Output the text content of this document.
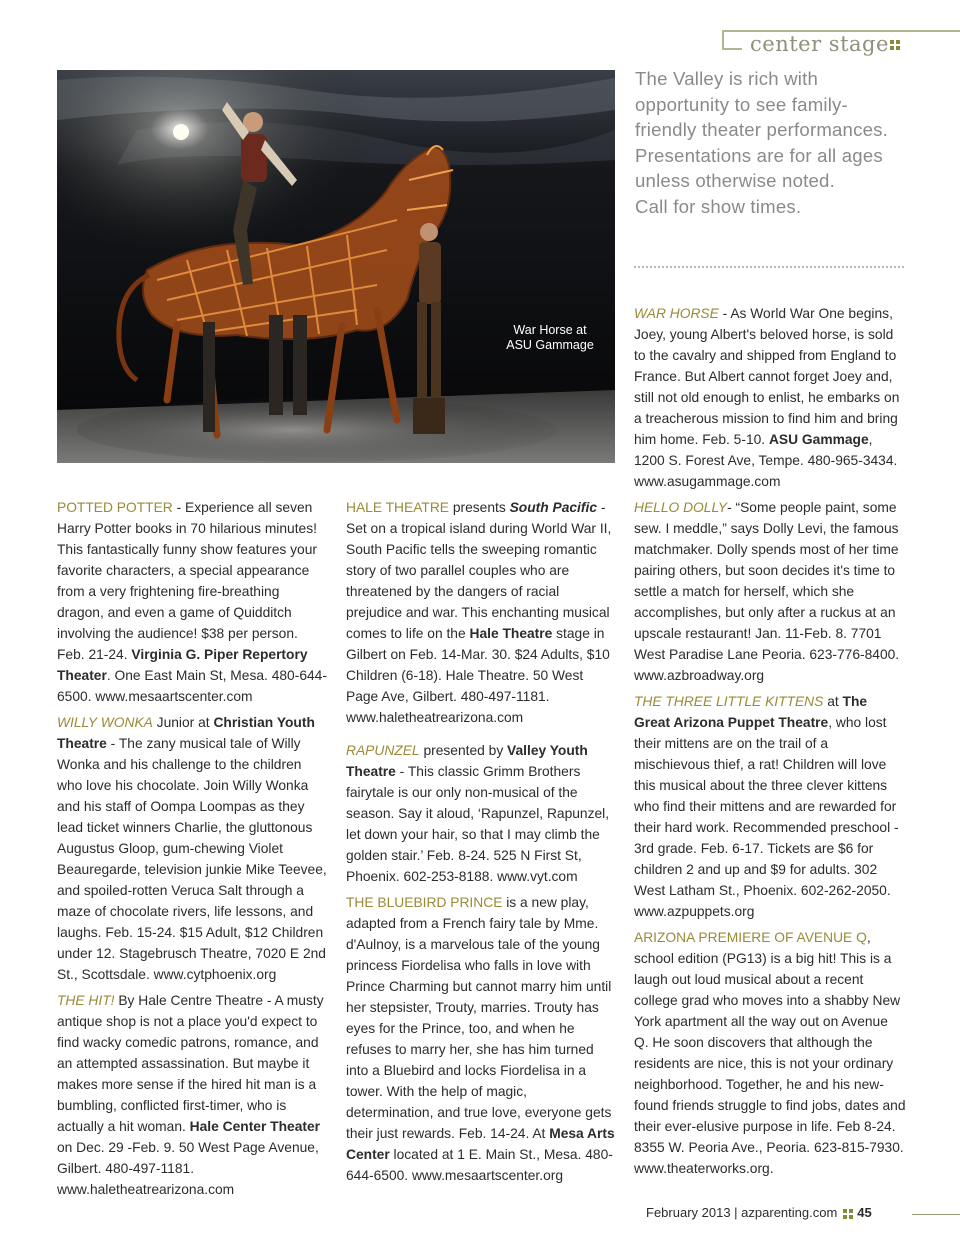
center stage
War Horse at
ASU Gammage
The Valley is rich with
opportunity to see family-
friendly theater performances.
Presentations are for all ages
unless otherwise noted.
Call for show times.

POTTED POTTER - Experience all seven Harry Potter books in 70 hilarious minutes! This fantastically funny show features your favorite characters, a special appearance from a very frightening fire-breathing dragon, and even a game of Quidditch involving the audience! $38 per person. Feb. 21-24. Virginia G. Piper Repertory Theater. One East Main St, Mesa. 480-644-6500. www.mesaartscenter.com

WILLY WONKA Junior at Christian Youth Theatre - The zany musical tale of Willy Wonka and his challenge to the children who love his chocolate. Join Willy Wonka and his staff of Oompa Loompas as they lead ticket winners Charlie, the gluttonous Augustus Gloop, gum-chewing Violet Beauregarde, television junkie Mike Teevee, and spoiled-rotten Veruca Salt through a maze of chocolate rivers, life lessons, and laughs. Feb. 15-24. $15 Adult, $12 Children under 12. Stagebrusch Theatre, 7020 E 2nd St., Scottsdale. www.cytphoenix.org

THE HIT! By Hale Centre Theatre - A musty antique shop is not a place you'd expect to find wacky comedic patrons, romance, and an attempted assassination. But maybe it makes more sense if the hired hit man is a bumbling, conflicted first-timer, who is actually a hit woman. Hale Center Theater on Dec. 29 -Feb. 9. 50 West Page Avenue, Gilbert. 480-497-1181. www.haletheatrearizona.com

HALE THEATRE presents South Pacific - Set on a tropical island during World War II, South Pacific tells the sweeping romantic story of two parallel couples who are threatened by the dangers of racial prejudice and war. This enchanting musical comes to life on the Hale Theatre stage in Gilbert on Feb. 14-Mar. 30. $24 Adults, $10 Children (6-18). Hale Theatre. 50 West Page Ave, Gilbert. 480-497-1181. www.haletheatrearizona.com

RAPUNZEL presented by Valley Youth Theatre - This classic Grimm Brothers fairytale is our only non-musical of the season. Say it aloud, ‘Rapunzel, Rapunzel, let down your hair, so that I may climb the golden stair.’ Feb. 8-24. 525 N First St, Phoenix. 602-253-8188. www.vyt.com

THE BLUEBIRD PRINCE is a new play, adapted from a French fairy tale by Mme. d'Aulnoy, is a marvelous tale of the young princess Fiordelisa who falls in love with Prince Charming but cannot marry him until her stepsister, Trouty, marries. Trouty has eyes for the Prince, too, and when he refuses to marry her, she has him turned into a Bluebird and locks Fiordelisa in a tower. With the help of magic, determination, and true love, everyone gets their just rewards. Feb. 14-24. At Mesa Arts Center located at 1 E. Main St., Mesa. 480-644-6500. www.mesaartscenter.org

WAR HORSE - As World War One begins, Joey, young Albert's beloved horse, is sold to the cavalry and shipped from England to France. But Albert cannot forget Joey and, still not old enough to enlist, he embarks on a treacherous mission to find him and bring him home. Feb. 5-10. ASU Gammage, 1200 S. Forest Ave, Tempe. 480-965-3434. www.asugammage.com

HELLO DOLLY- “Some people paint, some sew. I meddle,” says Dolly Levi, the famous matchmaker. Dolly spends most of her time pairing others, but soon decides it's time to settle a match for herself, which she accomplishes, but only after a ruckus at an upscale restaurant! Jan. 11-Feb. 8. 7701 West Paradise Lane Peoria. 623-776-8400. www.azbroadway.org

THE THREE LITTLE KITTENS at The Great Arizona Puppet Theatre, who lost their mittens are on the trail of a mischievous thief, a rat! Children will love this musical about the three clever kittens who find their mittens and are rewarded for their hard work. Recommended preschool - 3rd grade. Feb. 6-17. Tickets are $6 for children 2 and up and $9 for adults. 302 West Latham St., Phoenix. 602-262-2050. www.azpuppets.org

ARIZONA PREMIERE OF AVENUE Q, school edition (PG13) is a big hit! This is a laugh out loud musical about a recent college grad who moves into a shabby New York apartment all the way out on Avenue Q. He soon discovers that although the residents are nice, this is not your ordinary neighborhood. Together, he and his new-found friends struggle to find jobs, dates and their ever-elusive purpose in life. Feb 8-24. 8355 W. Peoria Ave., Peoria. 623-815-7930. www.theaterworks.org.

February 2013 | azparenting.com 45
